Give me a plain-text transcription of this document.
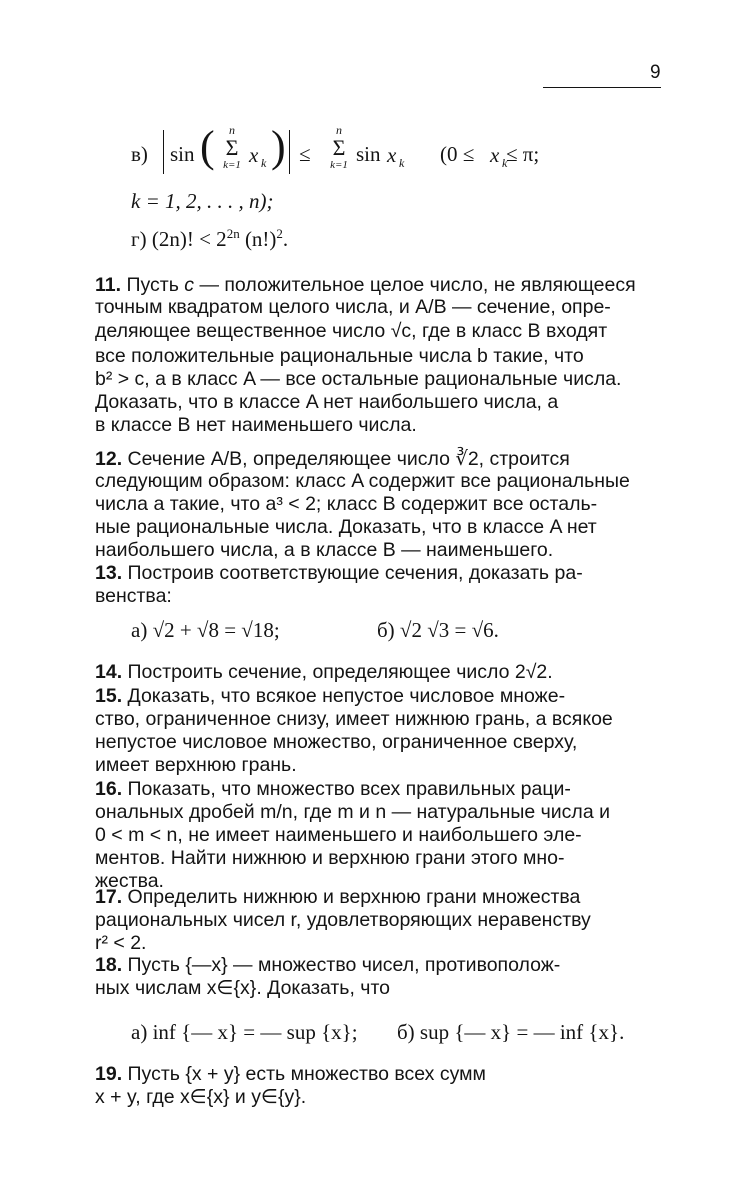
9
в) sin (	n
Σ
k=1 x k ) ≤
n
Σ
k=1 sin x k (0 ≤ x k
≤ π;
k = 1, 2, . . . , n);
г) (2n)! < $2^{2n}$ $(n!)^2$.
11. Пусть c — положительное целое число, не являющееся
точным квадратом целого числа, и A/B — сечение, опре-
деляющее вещественное число √c, где в класс B входят
все положительные рациональные числа b такие, что
b² > c, а в класс A — все остальные рациональные числа.
Доказать, что в классе A нет наибольшего числа, а
в классе B нет наименьшего числа.
12. Сечение A/B, определяющее число ∛2, строится
следующим образом: класс A содержит все рациональные
числа a такие, что a³ < 2; класс B содержит все осталь-
ные рациональные числа. Доказать, что в классе A нет
наибольшего числа, а в классе B — наименьшего.
13. Построив соответствующие сечения, доказать ра-
венства:
а) √2 + √8 = √18;	б) √2 √3 = √6.
14. Построить сечение, определяющее число 2√2.
15. Доказать, что всякое непустое числовое множе-
ство, ограниченное снизу, имеет нижнюю грань, а всякое
непустое числовое множество, ограниченное сверху,
имеет верхнюю грань.
16. Показать, что множество всех правильных раци-
ональных дробей m/n, где m и n — натуральные числа и
0 < m < n, не имеет наименьшего и наибольшего эле-
ментов. Найти нижнюю и верхнюю грани этого мно-
жества.
17. Определить нижнюю и верхнюю грани множества
рациональных чисел r, удовлетворяющих неравенству
r² < 2.
18. Пусть {—x} — множество чисел, противополож-
ных числам x∈{x}. Доказать, что
а) inf {— x} = — sup {x}; б) sup {— x} = — inf {x}.
19. Пусть {x + y} есть множество всех сумм
x + y, где x∈{x} и y∈{y}.
